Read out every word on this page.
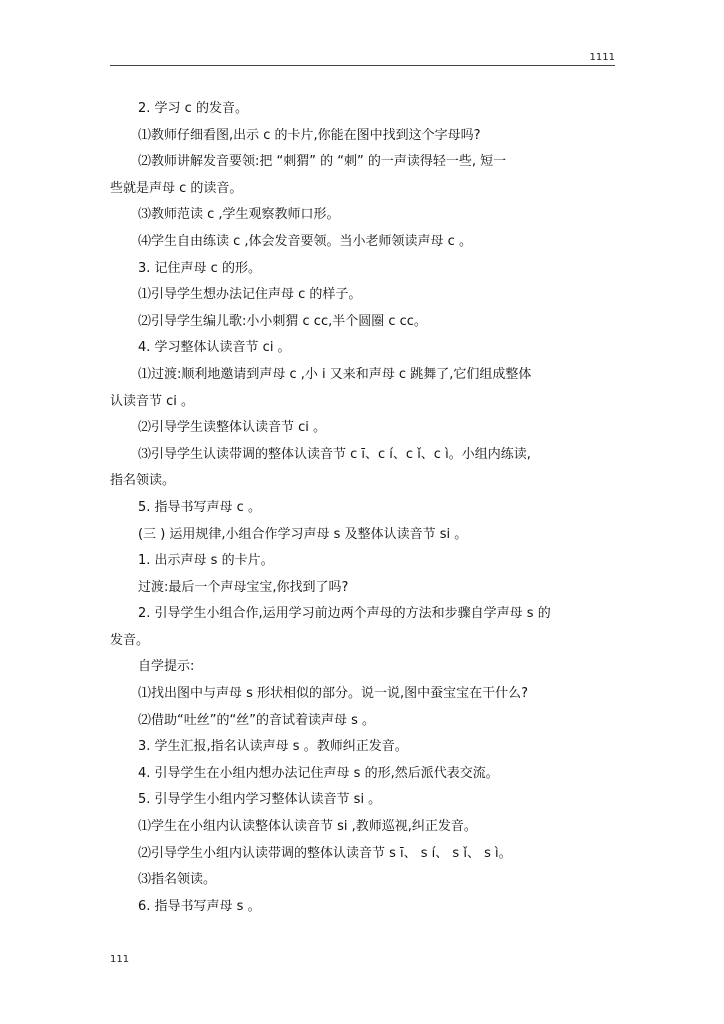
1111
2. 学习 c 的发音。
⑴教师仔细看图,出示 c 的卡片,你能在图中找到这个字母吗?
⑵教师讲解发音要领:把 “刺猬” 的 “刺” 的一声读得轻一些, 短一
些就是声母 c 的读音。
⑶教师范读 c ,学生观察教师口形。
⑷学生自由练读 c ,体会发音要领。当小老师领读声母 c 。
3. 记住声母 c 的形。
⑴引导学生想办法记住声母 c 的样子。
⑵引导学生编儿歌:小小刺猬 c cc,半个圆圈 c cc。
4. 学习整体认读音节 ci 。
⑴过渡:顺利地邀请到声母 c ,小 i 又来和声母 c 跳舞了,它们组成整体
认读音节 ci 。
⑵引导学生读整体认读音节 ci 。
⑶引导学生认读带调的整体认读音节 c ī、c í、c ǐ、c ì。小组内练读,
指名领读。
5. 指导书写声母 c 。
(三 ) 运用规律,小组合作学习声母 s 及整体认读音节 si 。
1. 出示声母 s 的卡片。
过渡:最后一个声母宝宝,你找到了吗?
2. 引导学生小组合作,运用学习前边两个声母的方法和步骤自学声母 s 的
发音。
自学提示:
⑴找出图中与声母 s 形状相似的部分。说一说,图中蚕宝宝在干什么?
⑵借助“吐丝”的“丝”的音试着读声母 s 。
3. 学生汇报,指名认读声母 s 。教师纠正发音。
4. 引导学生在小组内想办法记住声母 s 的形,然后派代表交流。
5. 引导学生小组内学习整体认读音节 si 。
⑴学生在小组内认读整体认读音节 si ,教师巡视,纠正发音。
⑵引导学生小组内认读带调的整体认读音节 s ī、 s í、 s ǐ、 s ì。
⑶指名领读。
6. 指导书写声母 s 。
111
